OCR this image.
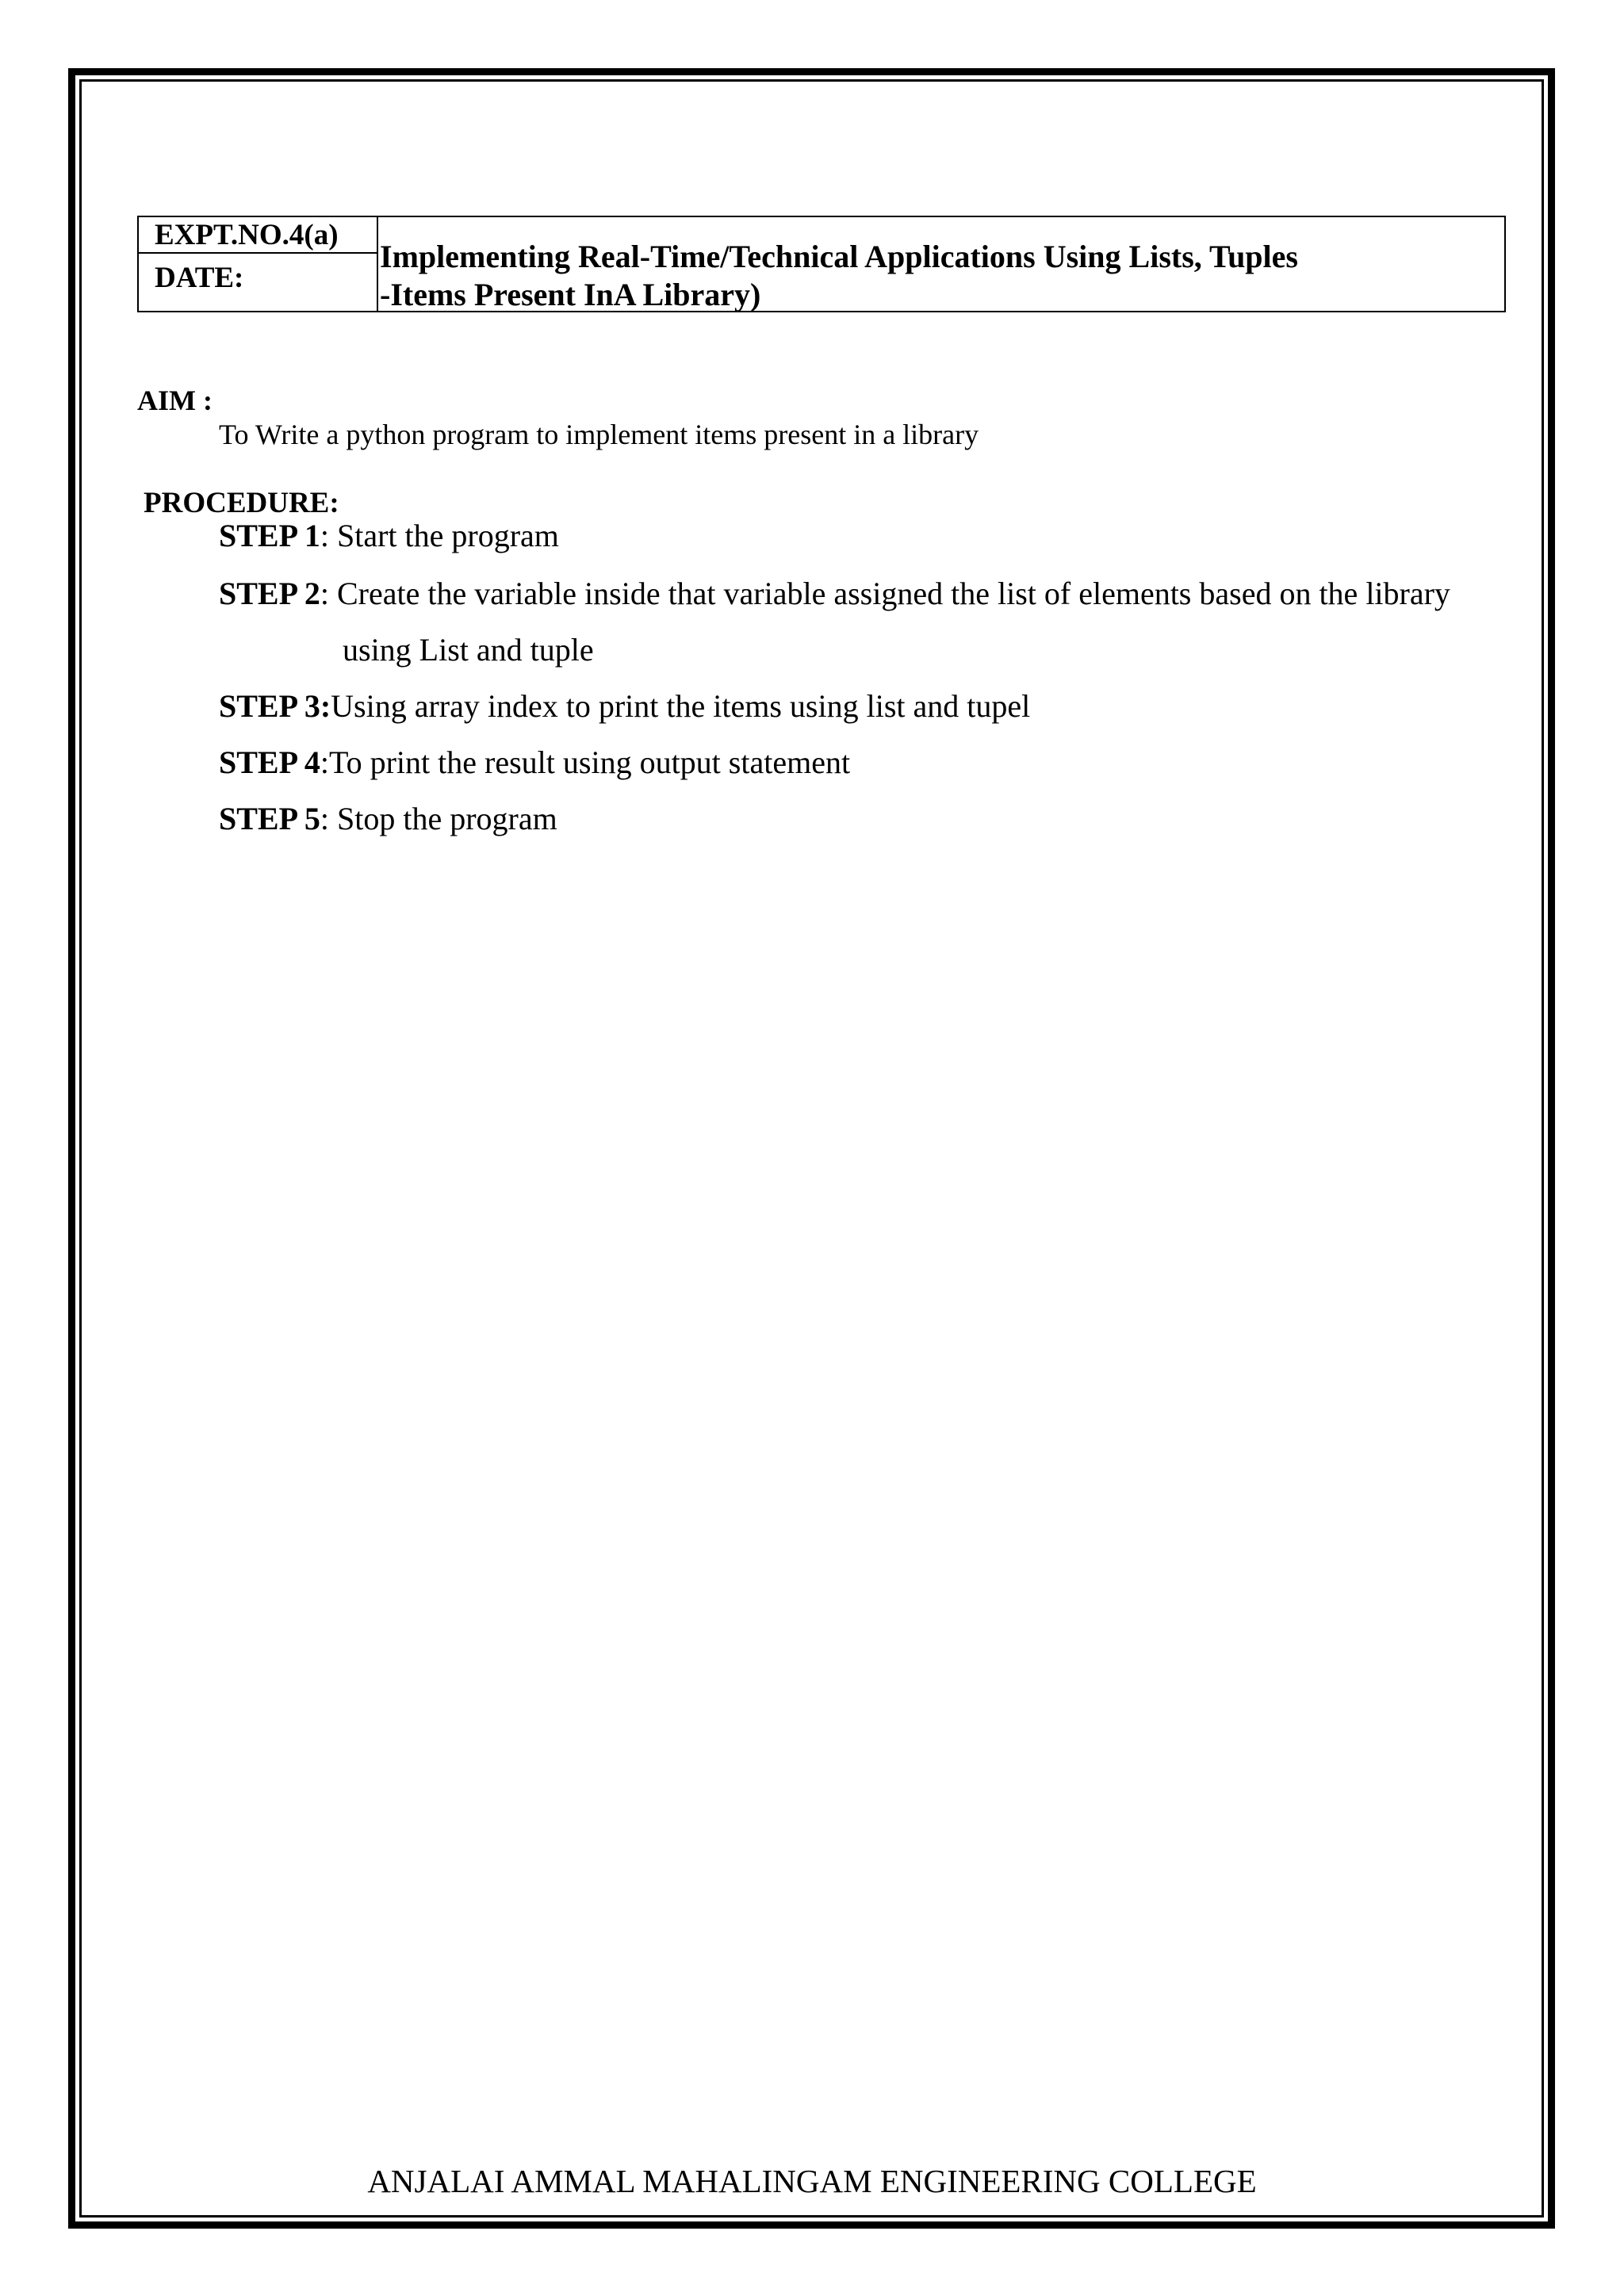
EXPT.NO.4(a)
DATE:
Implementing Real-Time/Technical Applications Using Lists, Tuples
-Items Present InA Library)
AIM :
To Write a python program to implement items present in a library
PROCEDURE:
STEP 1: Start the program
STEP 2: Create the variable inside that variable assigned the list of elements based on the library
using List and tuple
STEP 3:Using array index to print the items using list and tupel
STEP 4:To print the result using output statement
STEP 5: Stop the program
ANJALAI AMMAL MAHALINGAM ENGINEERING COLLEGE
